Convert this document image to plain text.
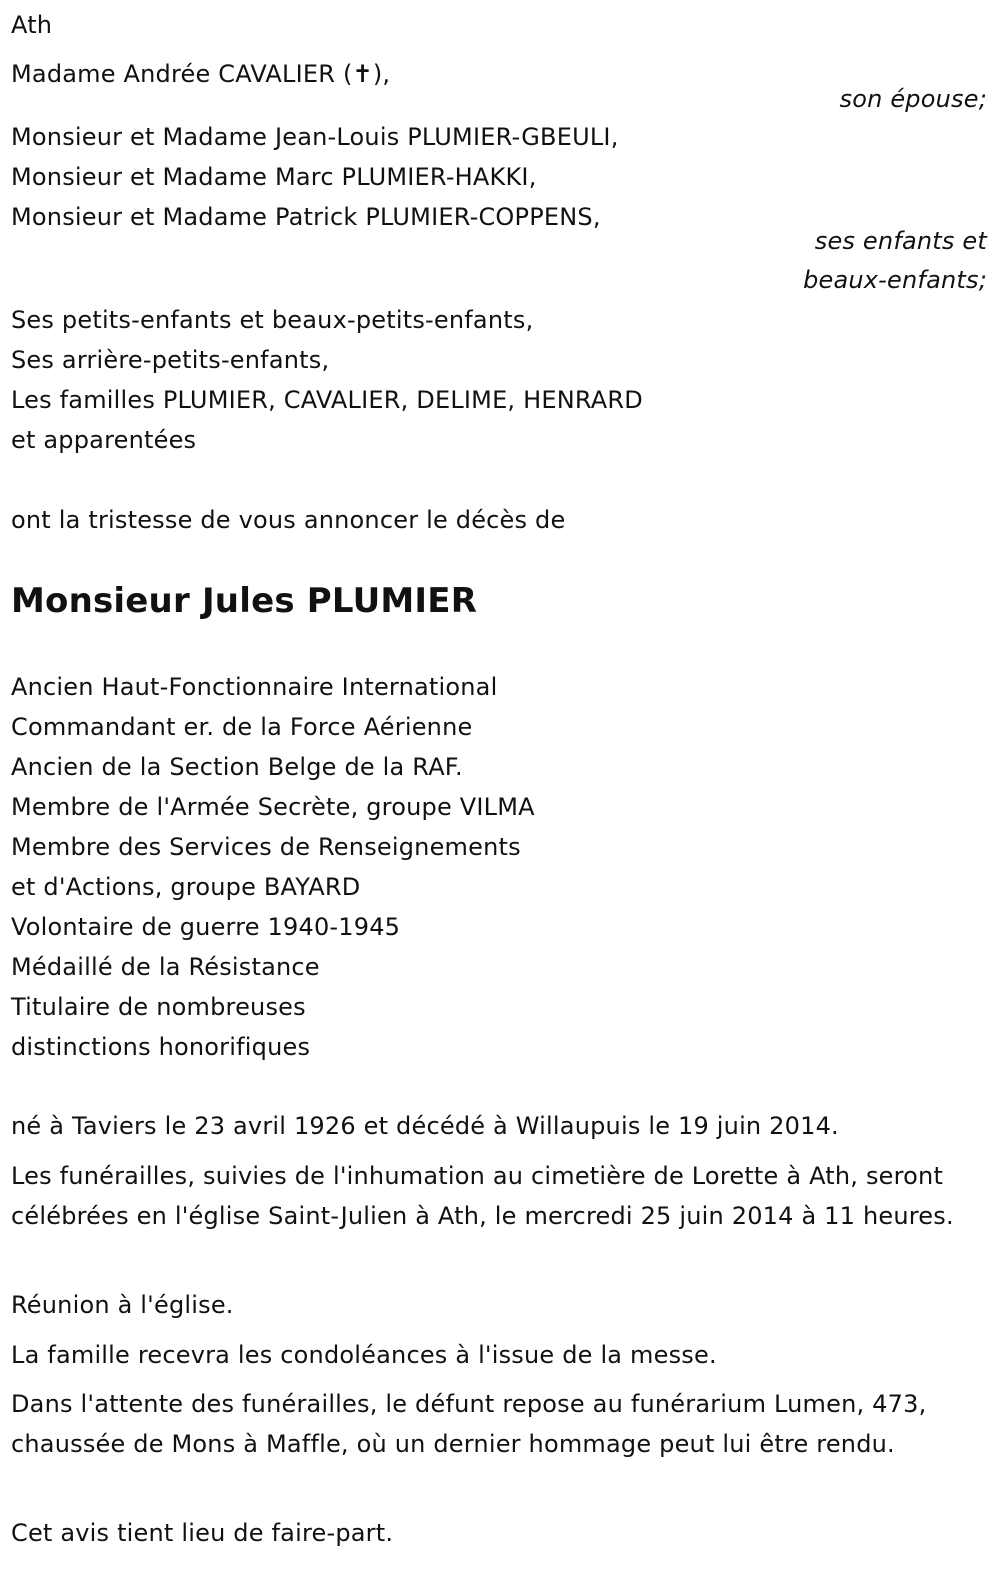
Ath
Madame Andrée CAVALIER (✝),
son épouse;
Monsieur et Madame Jean-Louis PLUMIER-GBEULI,
Monsieur et Madame Marc PLUMIER-HAKKI,
Monsieur et Madame Patrick PLUMIER-COPPENS,
ses enfants et
beaux-enfants;
Ses petits-enfants et beaux-petits-enfants,
Ses arrière-petits-enfants,
Les familles PLUMIER, CAVALIER, DELIME, HENRARD
et apparentées
ont la tristesse de vous annoncer le décès de
Monsieur Jules PLUMIER
Ancien Haut-Fonctionnaire International
Commandant er. de la Force Aérienne
Ancien de la Section Belge de la RAF.
Membre de l'Armée Secrète, groupe VILMA
Membre des Services de Renseignements
et d'Actions, groupe BAYARD
Volontaire de guerre 1940-1945
Médaillé de la Résistance
Titulaire de nombreuses
distinctions honorifiques
né à Taviers le 23 avril 1926 et décédé à Willaupuis le 19 juin 2014.
Les funérailles, suivies de l'inhumation au cimetière de Lorette à Ath, seront célébrées en l'église Saint-Julien à Ath, le mercredi 25 juin 2014 à 11 heures.
Réunion à l'église.
La famille recevra les condoléances à l'issue de la messe.
Dans l'attente des funérailles, le défunt repose au funérarium Lumen, 473, chaussée de Mons à Maffle, où un dernier hommage peut lui être rendu.
Cet avis tient lieu de faire-part.
